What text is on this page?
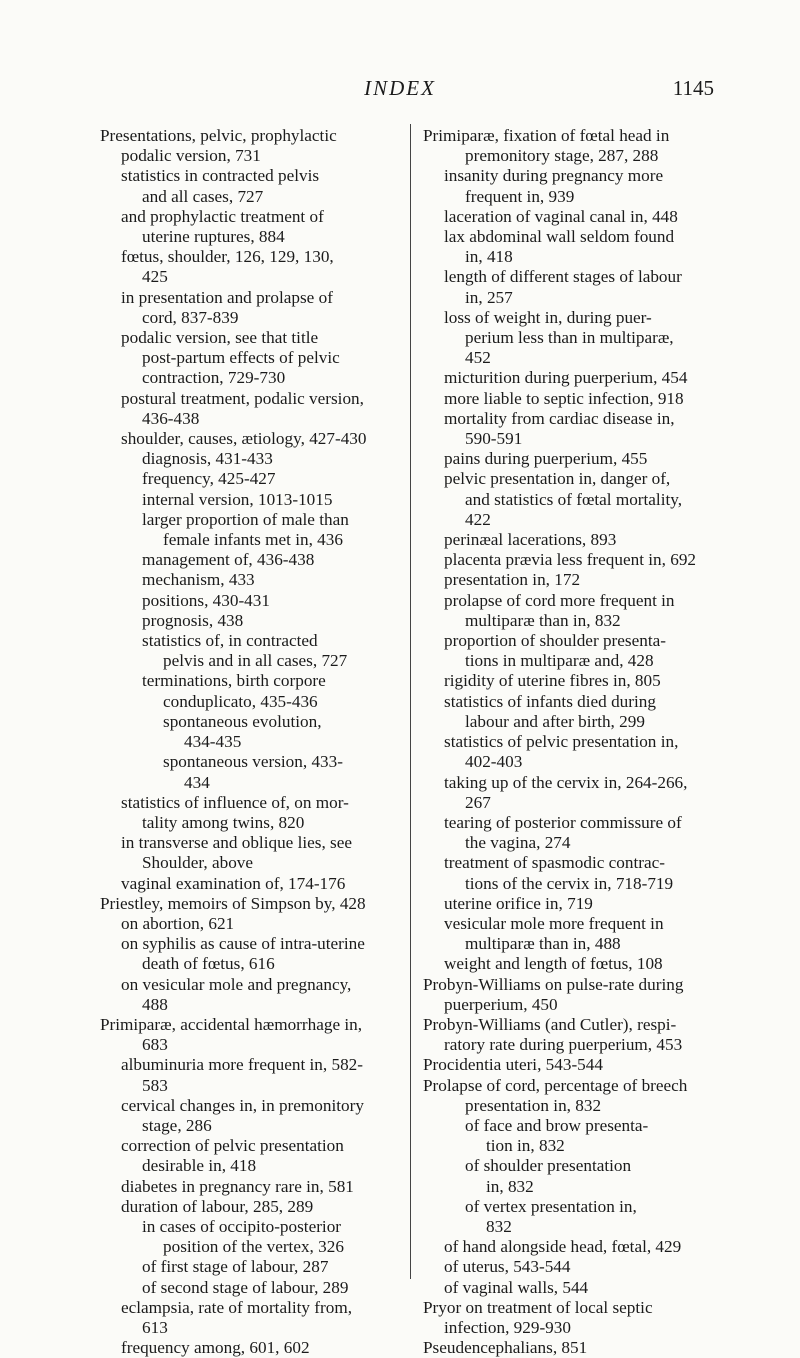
INDEX	1145
Presentations, pelvic, prophylactic
podalic version, 731
statistics in contracted pelvis
and all cases, 727
and prophylactic treatment of
uterine ruptures, 884
fœtus, shoulder, 126, 129, 130,
425
in presentation and prolapse of
cord, 837-839
podalic version, see that title
post-partum effects of pelvic
contraction, 729-730
postural treatment, podalic version,
436-438
shoulder, causes, ætiology, 427-430
diagnosis, 431-433
frequency, 425-427
internal version, 1013-1015
larger proportion of male than
female infants met in, 436
management of, 436-438
mechanism, 433
positions, 430-431
prognosis, 438
statistics of, in contracted
pelvis and in all cases, 727
terminations, birth corpore
conduplicato, 435-436
spontaneous evolution,
434-435
spontaneous version, 433-
434
statistics of influence of, on mor-
tality among twins, 820
in transverse and oblique lies, see
Shoulder, above
vaginal examination of, 174-176
Priestley, memoirs of Simpson by, 428
on abortion, 621
on syphilis as cause of intra-uterine
death of fœtus, 616
on vesicular mole and pregnancy,
488
Primiparæ, accidental hæmorrhage in,
683
albuminuria more frequent in, 582-
583
cervical changes in, in premonitory
stage, 286
correction of pelvic presentation
desirable in, 418
diabetes in pregnancy rare in, 581
duration of labour, 285, 289
in cases of occipito-posterior
position of the vertex, 326
of first stage of labour, 287
of second stage of labour, 289
eclampsia, rate of mortality from,
613
frequency among, 601, 602
Primiparæ, fixation of fœtal head in
premonitory stage, 287, 288
insanity during pregnancy more
frequent in, 939
laceration of vaginal canal in, 448
lax abdominal wall seldom found
in, 418
length of different stages of labour
in, 257
loss of weight in, during puer-
perium less than in multiparæ,
452
micturition during puerperium, 454
more liable to septic infection, 918
mortality from cardiac disease in,
590-591
pains during puerperium, 455
pelvic presentation in, danger of,
and statistics of fœtal mortality,
422
perinæal lacerations, 893
placenta prævia less frequent in, 692
presentation in, 172
prolapse of cord more frequent in
multiparæ than in, 832
proportion of shoulder presenta-
tions in multiparæ and, 428
rigidity of uterine fibres in, 805
statistics of infants died during
labour and after birth, 299
statistics of pelvic presentation in,
402-403
taking up of the cervix in, 264-266,
267
tearing of posterior commissure of
the vagina, 274
treatment of spasmodic contrac-
tions of the cervix in, 718-719
uterine orifice in, 719
vesicular mole more frequent in
multiparæ than in, 488
weight and length of fœtus, 108
Probyn-Williams on pulse-rate during
puerperium, 450
Probyn-Williams (and Cutler), respi-
ratory rate during puerperium, 453
Procidentia uteri, 543-544
Prolapse of cord, percentage of breech
presentation in, 832
of face and brow presenta-
tion in, 832
of shoulder presentation
in, 832
of vertex presentation in,
832
of hand alongside head, fœtal, 429
of uterus, 543-544
of vaginal walls, 544
Pryor on treatment of local septic
infection, 929-930
Pseudencephalians, 851
